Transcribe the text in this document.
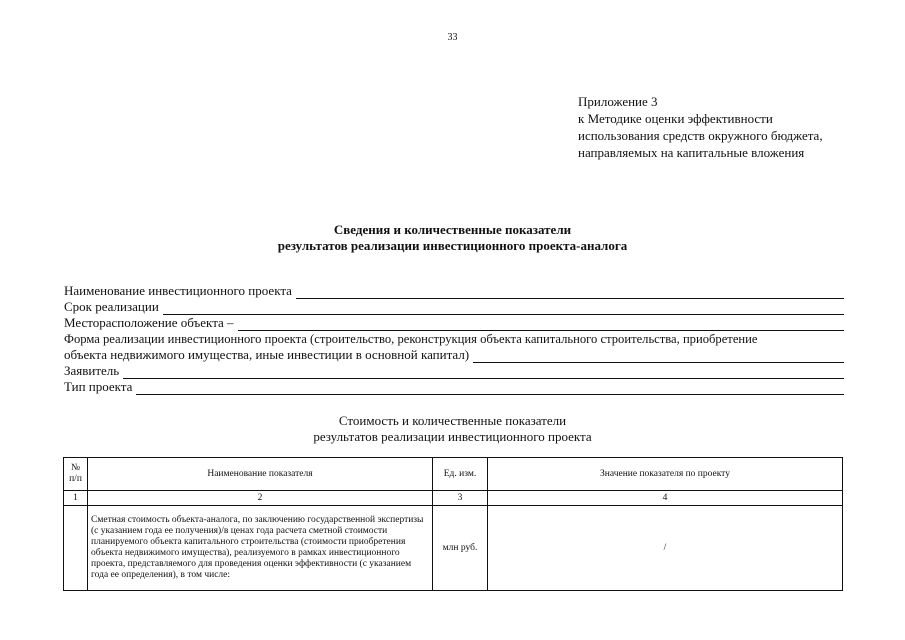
33
Приложение 3
к Методике оценки эффективности
использования средств окружного бюджета,
направляемых на капитальные вложения
Сведения и количественные показатели
результатов реализации инвестиционного проекта-аналога
Наименование инвестиционного проекта
Срок реализации
Месторасположение объекта –
Форма реализации инвестиционного проекта (строительство, реконструкция объекта капитального строительства, приобретение
объекта недвижимого имущества, иные инвестиции в основной капитал)
Заявитель
Тип проекта
Стоимость и количественные показатели
результатов реализации инвестиционного проекта
№ п/п	Наименование показателя	Ед. изм.	Значение показателя по проекту
1	2	3	4
	Сметная стоимость объекта-аналога, по заключению государственной экспертизы (с указанием года ее получения)/в ценах года расчета сметной стоимости планируемого объекта капитального строительства (стоимости приобретения объекта недвижимого имущества), реализуемого в рамках инвестиционного проекта, представляемого для проведения оценки эффективности (с указанием года ее определения), в том числе:	млн руб.	/
